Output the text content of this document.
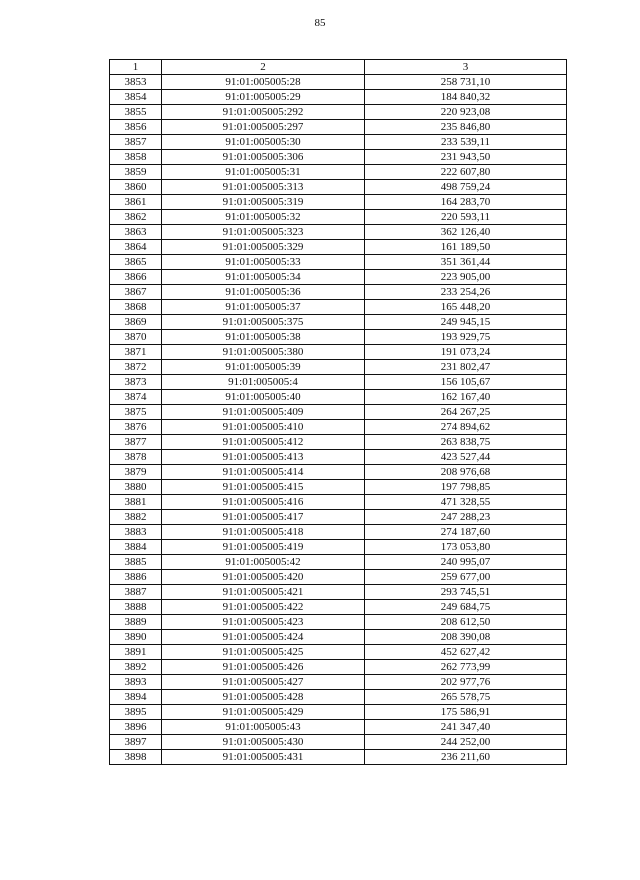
85
1	2	3
3853	91:01:005005:28	258 731,10
3854	91:01:005005:29	184 840,32
3855	91:01:005005:292	220 923,08
3856	91:01:005005:297	235 846,80
3857	91:01:005005:30	233 539,11
3858	91:01:005005:306	231 943,50
3859	91:01:005005:31	222 607,80
3860	91:01:005005:313	498 759,24
3861	91:01:005005:319	164 283,70
3862	91:01:005005:32	220 593,11
3863	91:01:005005:323	362 126,40
3864	91:01:005005:329	161 189,50
3865	91:01:005005:33	351 361,44
3866	91:01:005005:34	223 905,00
3867	91:01:005005:36	233 254,26
3868	91:01:005005:37	165 448,20
3869	91:01:005005:375	249 945,15
3870	91:01:005005:38	193 929,75
3871	91:01:005005:380	191 073,24
3872	91:01:005005:39	231 802,47
3873	91:01:005005:4	156 105,67
3874	91:01:005005:40	162 167,40
3875	91:01:005005:409	264 267,25
3876	91:01:005005:410	274 894,62
3877	91:01:005005:412	263 838,75
3878	91:01:005005:413	423 527,44
3879	91:01:005005:414	208 976,68
3880	91:01:005005:415	197 798,85
3881	91:01:005005:416	471 328,55
3882	91:01:005005:417	247 288,23
3883	91:01:005005:418	274 187,60
3884	91:01:005005:419	173 053,80
3885	91:01:005005:42	240 995,07
3886	91:01:005005:420	259 677,00
3887	91:01:005005:421	293 745,51
3888	91:01:005005:422	249 684,75
3889	91:01:005005:423	208 612,50
3890	91:01:005005:424	208 390,08
3891	91:01:005005:425	452 627,42
3892	91:01:005005:426	262 773,99
3893	91:01:005005:427	202 977,76
3894	91:01:005005:428	265 578,75
3895	91:01:005005:429	175 586,91
3896	91:01:005005:43	241 347,40
3897	91:01:005005:430	244 252,00
3898	91:01:005005:431	236 211,60
